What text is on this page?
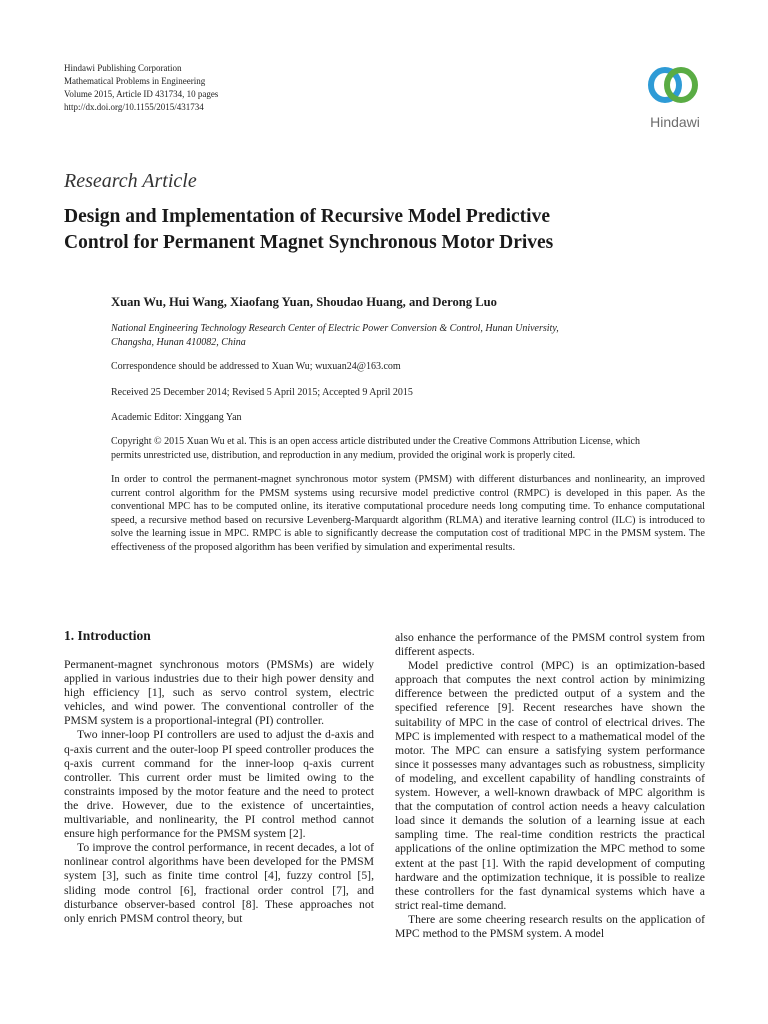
Hindawi Publishing Corporation
Mathematical Problems in Engineering
Volume 2015, Article ID 431734, 10 pages
http://dx.doi.org/10.1155/2015/431734
Hindawi
Research Article
Design and Implementation of Recursive Model Predictive
Control for Permanent Magnet Synchronous Motor Drives
Xuan Wu, Hui Wang, Xiaofang Yuan, Shoudao Huang, and Derong Luo
National Engineering Technology Research Center of Electric Power Conversion & Control, Hunan University,
Changsha, Hunan 410082, China
Correspondence should be addressed to Xuan Wu; wuxuan24@163.com
Received 25 December 2014; Revised 5 April 2015; Accepted 9 April 2015
Academic Editor: Xinggang Yan
Copyright © 2015 Xuan Wu et al. This is an open access article distributed under the Creative Commons Attribution License, which
permits unrestricted use, distribution, and reproduction in any medium, provided the original work is properly cited.
In order to control the permanent-magnet synchronous motor system (PMSM) with different disturbances and nonlinearity, an improved current control algorithm for the PMSM systems using recursive model predictive control (RMPC) is developed in this paper. As the conventional MPC has to be computed online, its iterative computational procedure needs long computing time. To enhance computational speed, a recursive method based on recursive Levenberg-Marquardt algorithm (RLMA) and iterative learning control (ILC) is introduced to solve the learning issue in MPC. RMPC is able to significantly decrease the computation cost of traditional MPC in the PMSM system. The effectiveness of the proposed algorithm has been verified by simulation and experimental results.
1. Introduction

Permanent-magnet synchronous motors (PMSMs) are widely applied in various industries due to their high power density and high efficiency [1], such as servo control system, electric vehicles, and wind power. The conventional controller of the PMSM system is a proportional-integral (PI) controller.

Two inner-loop PI controllers are used to adjust the d-axis and q-axis current and the outer-loop PI speed controller produces the q-axis current command for the inner-loop q-axis current controller. This current order must be limited owing to the constraints imposed by the motor feature and the need to protect the drive. However, due to the existence of uncertainties, multivariable, and nonlinearity, the PI control method cannot ensure high performance for the PMSM system [2].

To improve the control performance, in recent decades, a lot of nonlinear control algorithms have been developed for the PMSM system [3], such as finite time control [4], fuzzy control [5], sliding mode control [6], fractional order control [7], and disturbance observer-based control [8]. These approaches not only enrich PMSM control theory, but

also enhance the performance of the PMSM control system from different aspects.

Model predictive control (MPC) is an optimization-based approach that computes the next control action by minimizing difference between the predicted output of a system and the specified reference [9]. Recent researches have shown the suitability of MPC in the case of control of electrical drives. The MPC is implemented with respect to a mathematical model of the motor. The MPC can ensure a satisfying system performance since it possesses many advantages such as robustness, simplicity of modeling, and excellent capability of handling constraints of system. However, a well-known drawback of MPC algorithm is that the computation of control action needs a heavy calculation load since it demands the solution of a learning issue at each sampling time. The real-time condition restricts the practical applications of the online optimization the MPC method to some extent at the past [1]. With the rapid development of computing hardware and the optimization technique, it is possible to realize these controllers for the fast dynamical systems which have a strict real-time demand.

There are some cheering research results on the application of MPC method to the PMSM system. A model
